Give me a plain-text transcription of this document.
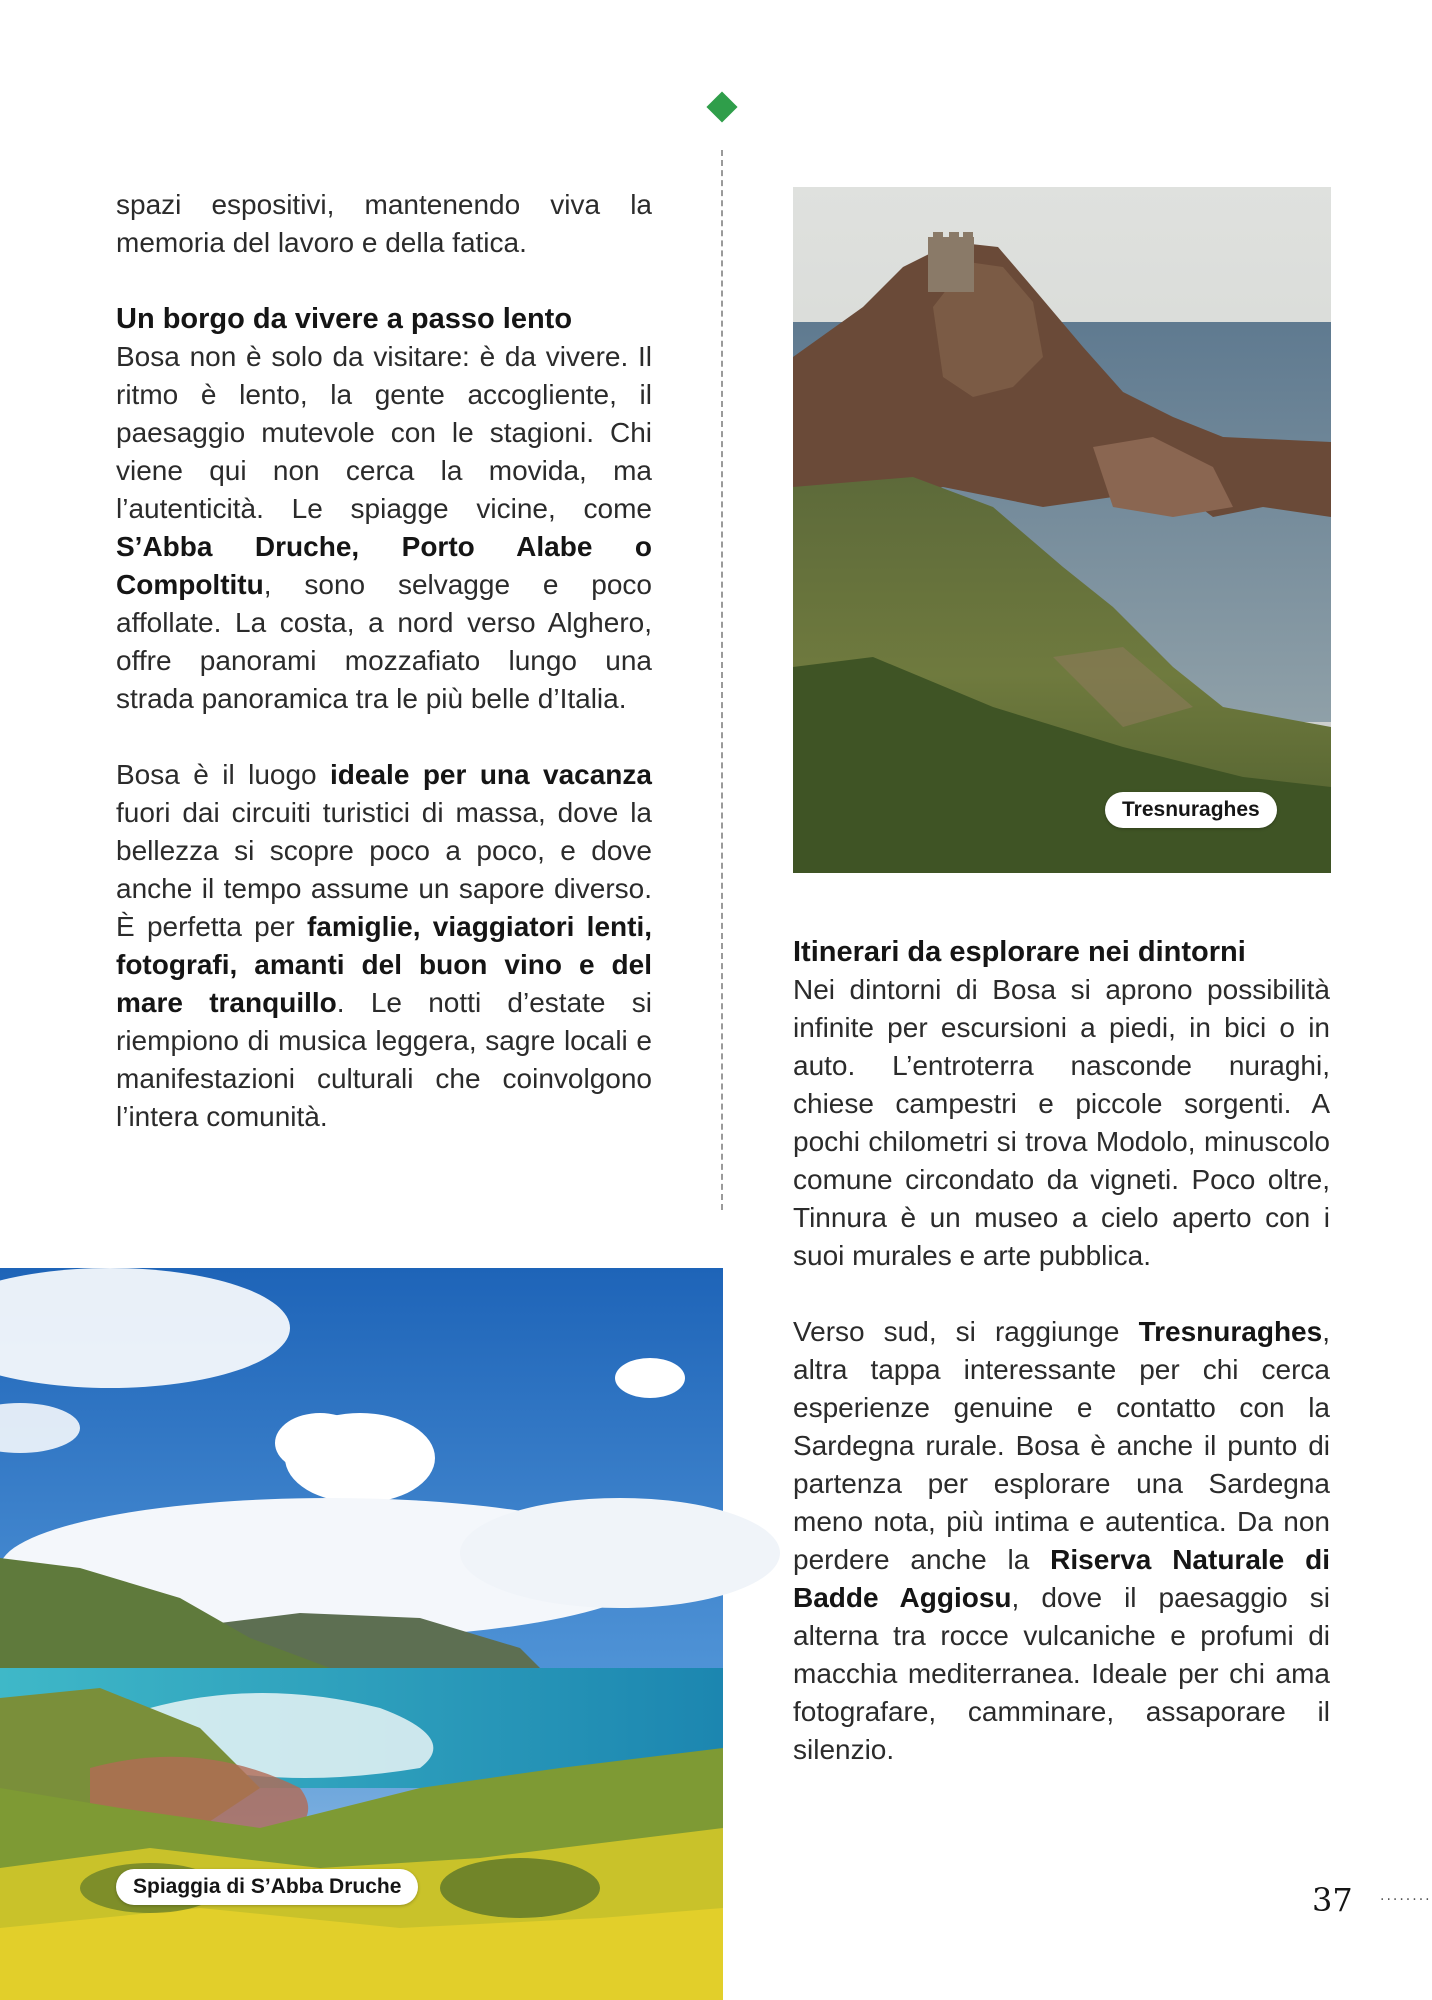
spazi espositivi, mantenendo viva la memoria del lavoro e della fatica.

Un borgo da vivere a passo lento

Bosa non è solo da visitare: è da vivere. Il ritmo è lento, la gente accogliente, il paesaggio mutevole con le stagioni. Chi viene qui non cerca la movida, ma l’autenticità. Le spiagge vicine, come S’Abba Druche, Porto Alabe o Compoltitu, sono selvagge e poco affollate. La costa, a nord verso Alghero, offre panorami mozzafiato lungo una strada panoramica tra le più belle d’Italia.

Bosa è il luogo ideale per una vacanza fuori dai circuiti turistici di massa, dove la bellezza si scopre poco a poco, e dove anche il tempo assume un sapore diverso. È perfetta per famiglie, viaggiatori lenti, fotografi, amanti del buon vino e del mare tranquillo. Le notti d’estate si riempiono di musica leggera, sagre locali e manifestazioni culturali che coinvolgono l’intera comunità.

Tresnuraghes
Itinerari da esplorare nei dintorni

Nei dintorni di Bosa si aprono possibilità infinite per escursioni a piedi, in bici o in auto. L’entroterra nasconde nuraghi, chiese campestri e piccole sorgenti. A pochi chilometri si trova Modolo, minuscolo comune circondato da vigneti. Poco oltre, Tinnura è un museo a cielo aperto con i suoi murales e arte pubblica.

Verso sud, si raggiunge Tresnuraghes, altra tappa interessante per chi cerca esperienze genuine e contatto con la Sardegna rurale. Bosa è anche il punto di partenza per esplorare una Sardegna meno nota, più intima e autentica. Da non perdere anche la Riserva Naturale di Badde Aggiosu, dove il paesaggio si alterna tra rocce vulcaniche e profumi di macchia mediterranea. Ideale per chi ama fotografare, camminare, assaporare il silenzio.

Spiaggia di S’Abba Druche	37 ········
